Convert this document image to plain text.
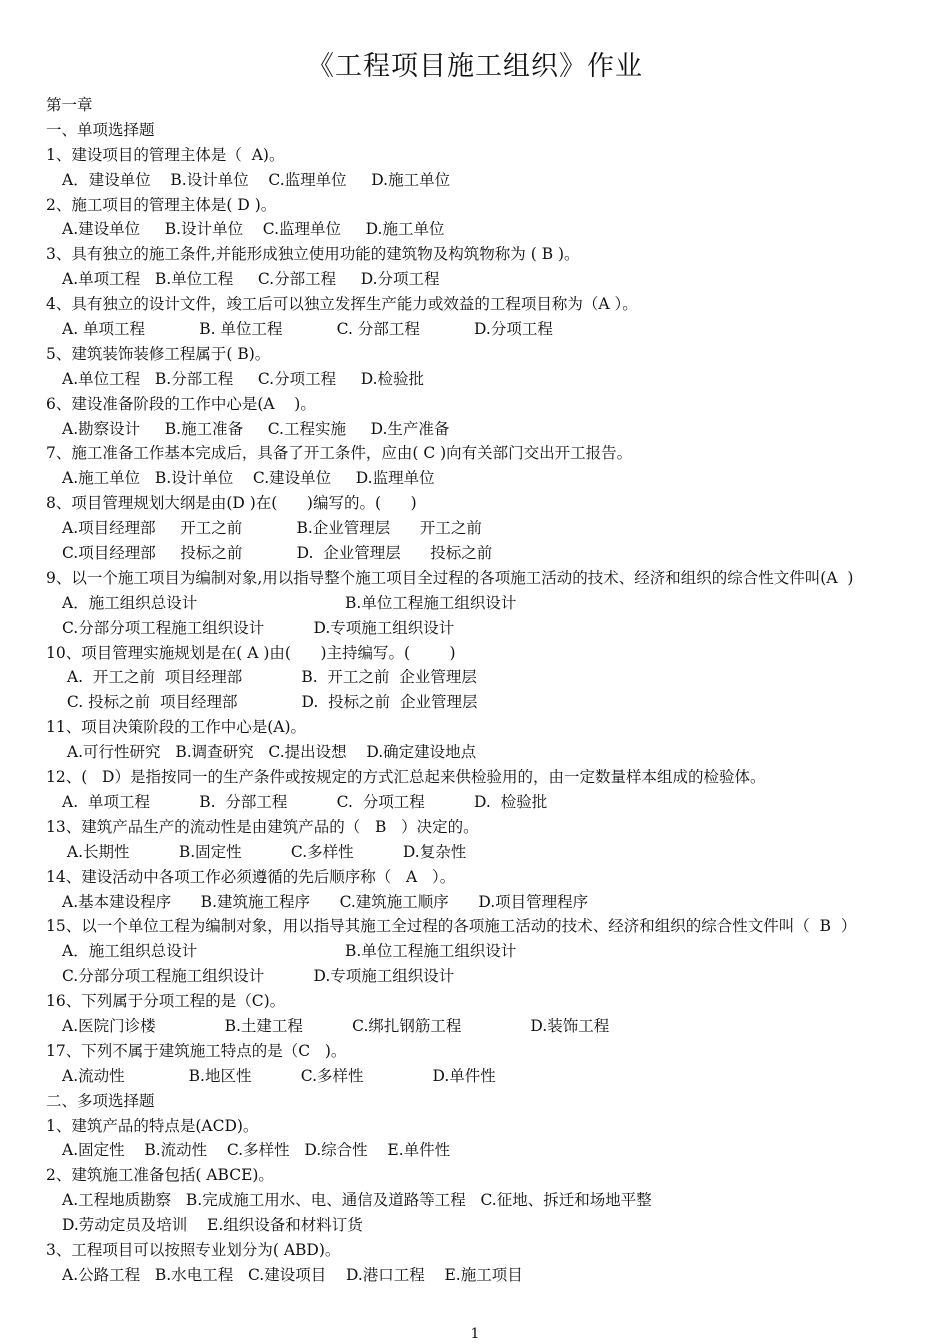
《工程项目施工组织》作业
第一章
一、单项选择题
1、建设项目的管理主体是（  A)。
A．建设单位    B.设计单位    C.监理单位     D.施工单位
2、施工项目的管理主体是( D )。
A.建设单位     B.设计单位    C.监理单位     D.施工单位
3、具有独立的施工条件,并能形成独立使用功能的建筑物及构筑物称为 ( B )。
A.单项工程   B.单位工程     C.分部工程     D.分项工程
4、具有独立的设计文件，竣工后可以独立发挥生产能力或效益的工程项目称为（A ）。
A. 单项工程           B. 单位工程           C. 分部工程           D.分项工程
5、建筑装饰装修工程属于( B)。
A.单位工程   B.分部工程     C.分项工程     D.检验批
6、建设准备阶段的工作中心是(A    )。
A.勘察设计     B.施工准备     C.工程实施     D.生产准备
7、施工准备工作基本完成后，具备了开工条件，应由( C )向有关部门交出开工报告。
A.施工单位   B.设计单位    C.建设单位     D.监理单位
8、项目管理规划大纲是由(D )在(      )编写的。(      )
A.项目经理部     开工之前           B.企业管理层      开工之前
C.项目经理部     投标之前           D.  企业管理层      投标之前
9、以一个施工项目为编制对象,用以指导整个施工项目全过程的各项施工活动的技术、经济和组织的综合性文件叫(A  )
A．施工组织总设计                              B.单位工程施工组织设计
C.分部分项工程施工组织设计          D.专项施工组织设计
10、项目管理实施规划是在( A )由(      )主持编写。(        )
A.  开工之前  项目经理部            B.  开工之前  企业管理层
C. 投标之前  项目经理部             D.  投标之前  企业管理层
11、项目决策阶段的工作中心是(A)。
A.可行性研究   B.调查研究   C.提出设想    D.确定建设地点
12、(   D）是指按同一的生产条件或按规定的方式汇总起来供检验用的，由一定数量样本组成的检验体。
A.  单项工程          B.  分部工程          C.  分项工程          D.  检验批
13、建筑产品生产的流动性是由建筑产品的（   B   ）决定的。
A.长期性          B.固定性          C.多样性          D.复杂性
14、建设活动中各项工作必须遵循的先后顺序称（   A   ）。
A.基本建设程序      B.建筑施工程序      C.建筑施工顺序      D.项目管理程序
15、以一个单位工程为编制对象，用以指导其施工全过程的各项施工活动的技术、经济和组织的综合性文件叫（  B  ）
A．施工组织总设计                              B.单位工程施工组织设计
C.分部分项工程施工组织设计          D.专项施工组织设计
16、下列属于分项工程的是（C)。
A.医院门诊楼              B.土建工程          C.绑扎钢筋工程              D.装饰工程
17、下列不属于建筑施工特点的是（C   )。
A.流动性             B.地区性          C.多样性              D.单件性
二、多项选择题
1、建筑产品的特点是(ACD)。
A.固定性    B.流动性    C.多样性   D.综合性    E.单件性
2、建筑施工准备包括( ABCE)。
A.工程地质勘察   B.完成施工用水、电、通信及道路等工程   C.征地、拆迁和场地平整
D.劳动定员及培训    E.组织设备和材料订货
3、工程项目可以按照专业划分为( ABD)。
A.公路工程   B.水电工程   C.建设项目    D.港口工程    E.施工项目
1
